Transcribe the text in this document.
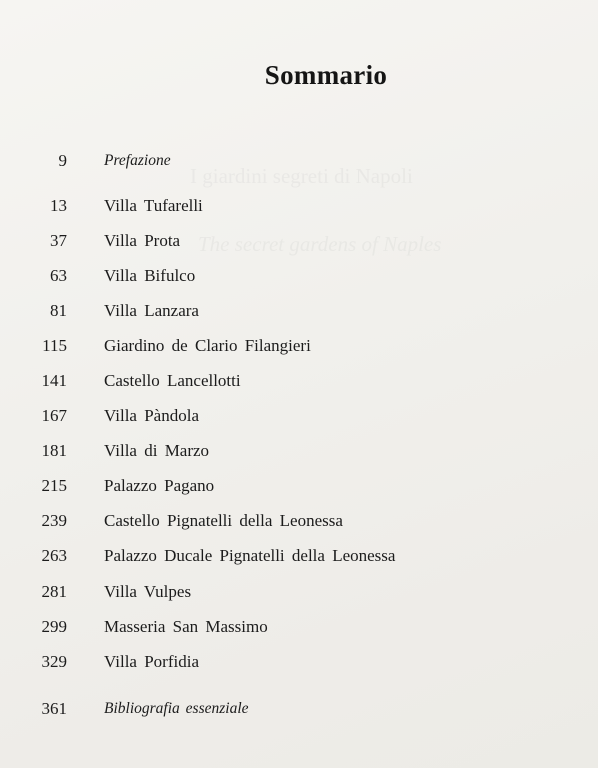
I giardini segreti di Napoli
The secret gardens of Naples
Sommario
9 Prefazione
13 Villa Tufarelli
37 Villa Prota
63 Villa Bifulco
81 Villa Lanzara
115 Giardino de Clario Filangieri
141 Castello Lancellotti
167 Villa Pàndola
181 Villa di Marzo
215 Palazzo Pagano
239 Castello Pignatelli della Leonessa
263 Palazzo Ducale Pignatelli della Leonessa
281 Villa Vulpes
299 Masseria San Massimo
329 Villa Porfidia
361 Bibliografia essenziale
